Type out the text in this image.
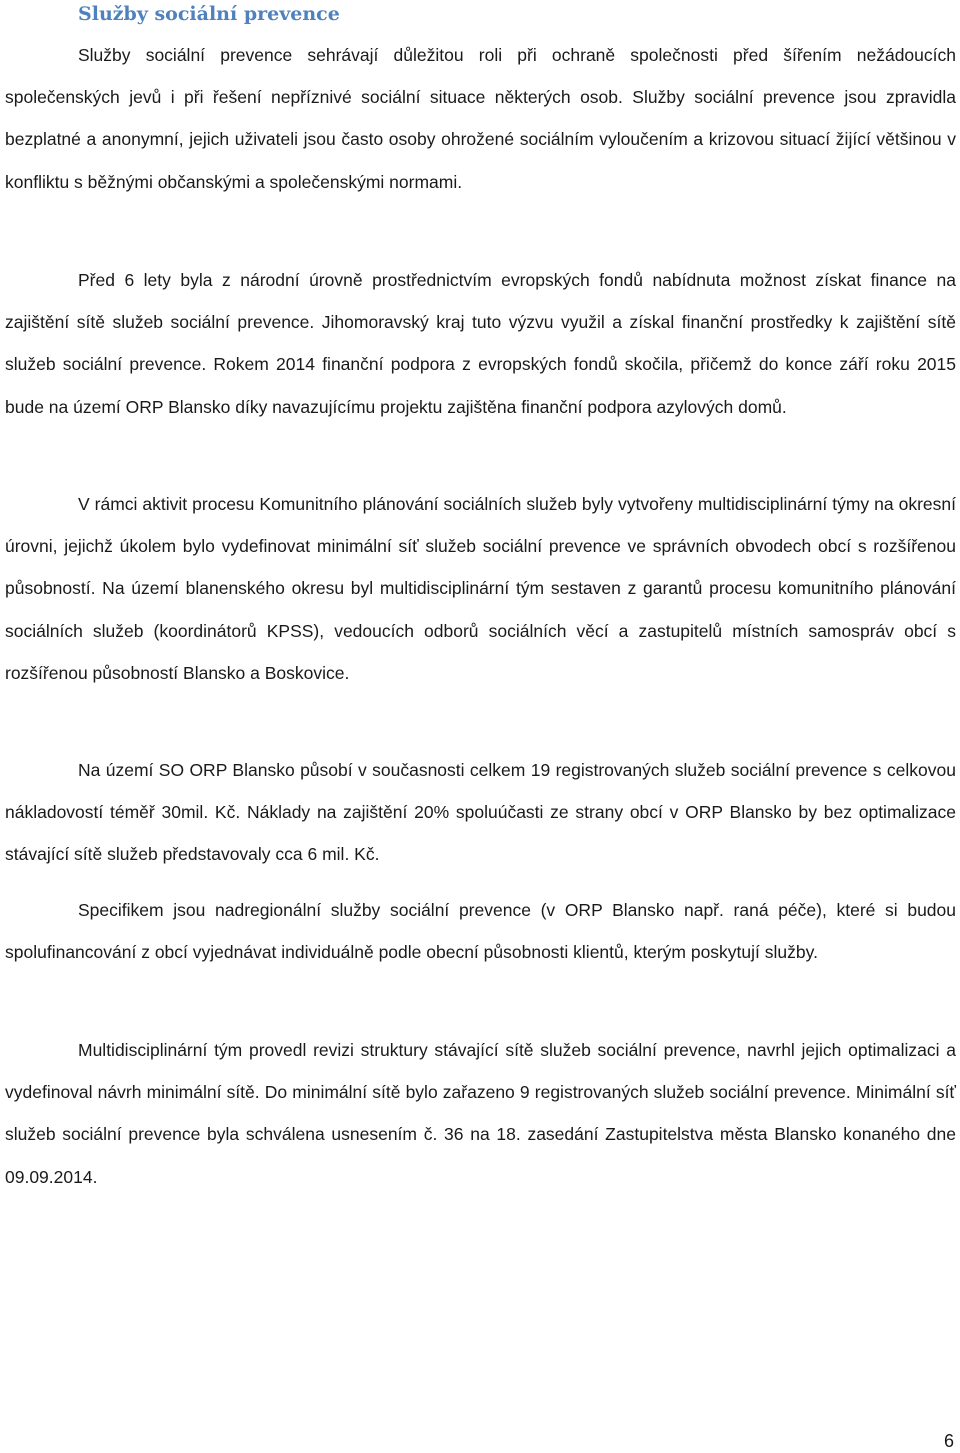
Služby sociální prevence

Služby sociální prevence sehrávají důležitou roli při ochraně společnosti před šířením nežádoucích společenských jevů i při řešení nepříznivé sociální situace některých osob. Služby sociální prevence jsou zpravidla bezplatné a anonymní, jejich uživateli jsou často osoby ohrožené sociálním vyloučením a krizovou situací žijící většinou v konfliktu s běžnými občanskými a společenskými normami.

Před 6 lety byla z národní úrovně prostřednictvím evropských fondů nabídnuta možnost získat finance na zajištění sítě služeb sociální prevence. Jihomoravský kraj tuto výzvu využil a získal finanční prostředky k zajištění sítě služeb sociální prevence. Rokem 2014 finanční podpora z evropských fondů skočila, přičemž do konce září roku 2015 bude na území ORP Blansko díky navazujícímu projektu zajištěna finanční podpora azylových domů.

V rámci aktivit procesu Komunitního plánování sociálních služeb byly vytvořeny multidisciplinární týmy na okresní úrovni, jejichž úkolem bylo vydefinovat minimální síť služeb sociální prevence ve správních obvodech obcí s rozšířenou působností. Na území blanenského okresu byl multidisciplinární tým sestaven z garantů procesu komunitního plánování sociálních služeb (koordinátorů KPSS), vedoucích odborů sociálních věcí a zastupitelů místních samospráv obcí s rozšířenou působností Blansko a Boskovice.

Na území SO ORP Blansko působí v současnosti celkem 19 registrovaných služeb sociální prevence s celkovou nákladovostí téměř 30mil. Kč. Náklady na zajištění 20% spoluúčasti ze strany obcí v ORP Blansko by bez optimalizace stávající sítě služeb představovaly cca 6 mil. Kč.

Specifikem jsou nadregionální služby sociální prevence (v ORP Blansko např. raná péče), které si budou spolufinancování z obcí vyjednávat individuálně podle obecní působnosti klientů, kterým poskytují služby.

Multidisciplinární tým provedl revizi struktury stávající sítě služeb sociální prevence, navrhl jejich optimalizaci a vydefinoval návrh minimální sítě. Do minimální sítě bylo zařazeno 9 registrovaných služeb sociální prevence. Minimální síť služeb sociální prevence byla schválena usnesením č. 36 na 18. zasedání Zastupitelstva města Blansko konaného dne 09.09.2014.

6
